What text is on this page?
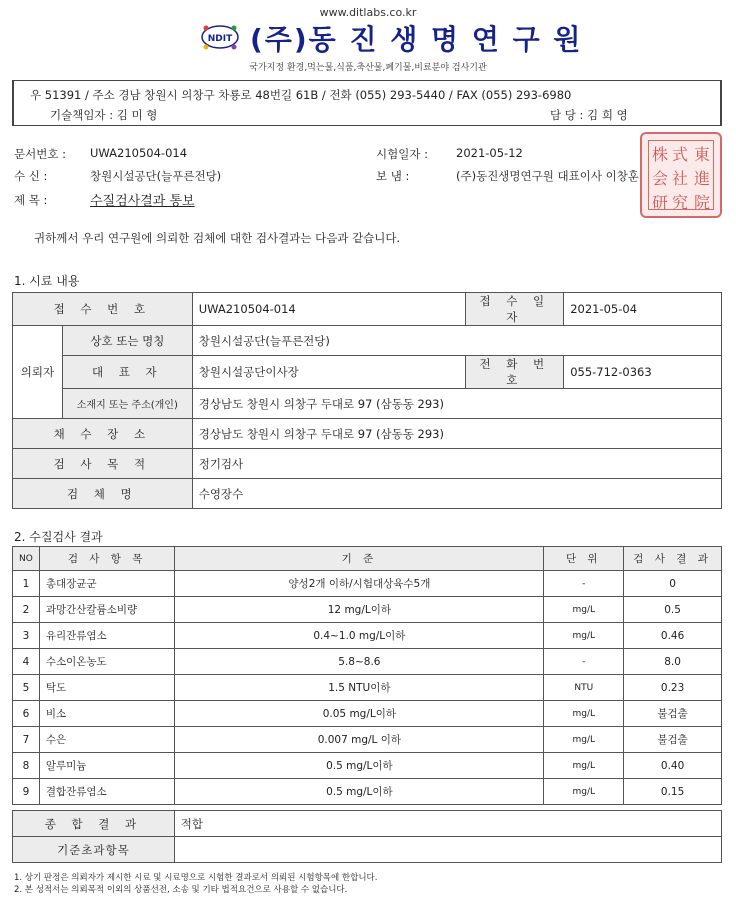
www.ditlabs.co.kr
NDIT (주)동 진 생 명 연 구 원
국가지정 환경,먹는물,식품,축산물,폐기물,비료분야 검사기관
우 51391 / 주소 경남 창원시 의창구 차룡로 48번길 61B / 전화 (055) 293-5440 / FAX (055) 293-6980
기술책임자 : 김 미 형	담 당 : 김 희 영
문서번호 : UWA210504-014	시험일자 : 2021-05-12
수 신 :	창원시설공단(늘푸른전당)	보 냄 :	(주)동진생명연구원 대표이사 이창훈
제 목 :	수질검사결과 통보
株 式 東
会 社 進
研 究 院
귀하께서 우리 연구원에 의뢰한 검체에 대한 검사결과는 다음과 같습니다.
1. 시료 내용
접 수 번 호		UWA210504-014	접 수 일 자	2021-05-04
의뢰자	상호 또는 명칭	창원시설공단(늘푸른전당)		
	대 표 자	창원시설공단이사장	전 화 번 호	055-712-0363
	소재지 또는 주소(개인)	경상남도 창원시 의창구 두대로 97 (삼동동 293)		
채 수 장 소		경상남도 창원시 의창구 두대로 97 (삼동동 293)		
검 사 목 적		정기검사		
검 체 명		수영장수		
2. 수질검사 결과
NO	검 사 항 목	기 준	단 위	검 사 결 과
1	총대장균군	양성2개 이하/시험대상육수5개	-	0
2	과망간산칼륨소비량	12 mg/L이하	mg/L	0.5
3	유리잔류염소	0.4~1.0 mg/L이하	mg/L	0.46
4	수소이온농도	5.8~8.6	-	8.0
5	탁도	1.5 NTU이하	NTU	0.23
6	비소	0.05 mg/L이하	mg/L	불검출
7	수은	0.007 mg/L 이하	mg/L	불검출
8	알루미늄	0.5 mg/L이하	mg/L	0.40
9	결합잔류염소	0.5 mg/L이하	mg/L	0.15
종 합 결 과	적합
기준초과항목	
1. 상기 판정은 의뢰자가 제시한 시료 및 시료명으로 시험한 결과로서 의뢰된 시험항목에 한합니다.
2. 본 성적서는 의뢰목적 이외의 상품선전, 소송 및 기타 법적요건으로 사용할 수 없습니다.
